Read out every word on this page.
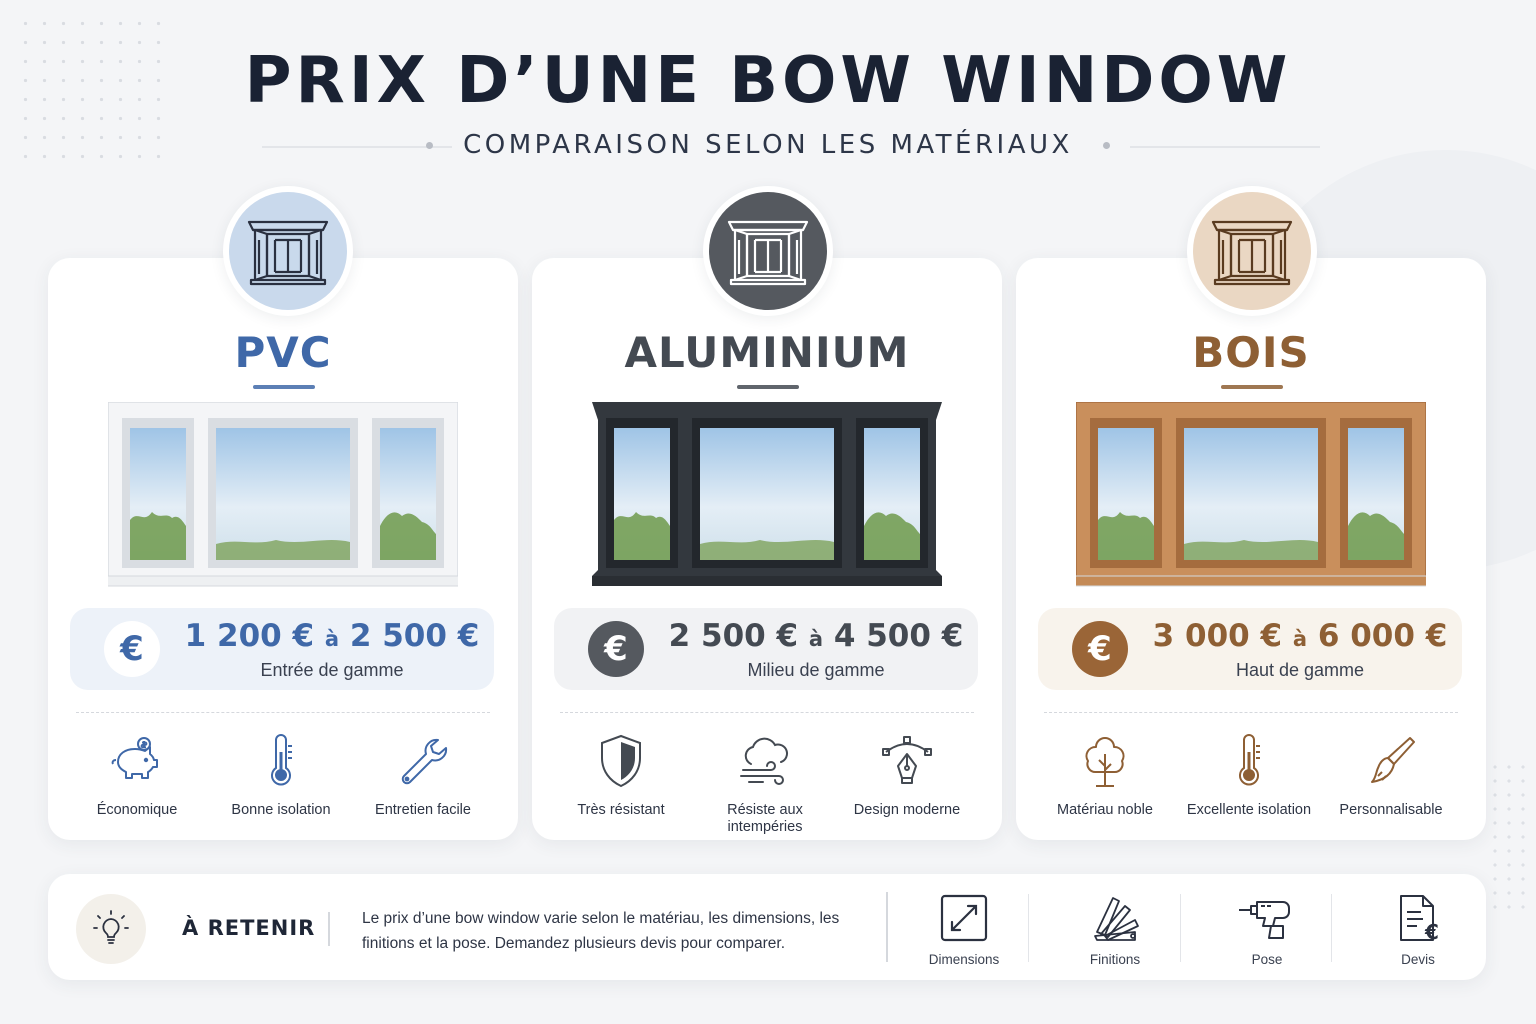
PRIX D’UNE BOW WINDOW
COMPARAISON SELON LES MATÉRIAUX
PVC
€	1 200 € à 2 500 €
Entrée de gamme
Économique	Bonne isolation	Entretien facile
ALUMINIUM
€	2 500 € à 4 500 €
Milieu de gamme
Très résistant	Résiste aux
intempéries
Design moderne
BOIS
€	3 000 € à 6 000 €
Haut de gamme
Matériau noble	Excellente isolation	Personnalisable
À RETENIR	Le prix d’une bow window varie selon le matériau, les dimensions, les finitions et la pose. Demandez plusieurs devis pour comparer.
Dimensions	Finitions	Pose
€
Devis
